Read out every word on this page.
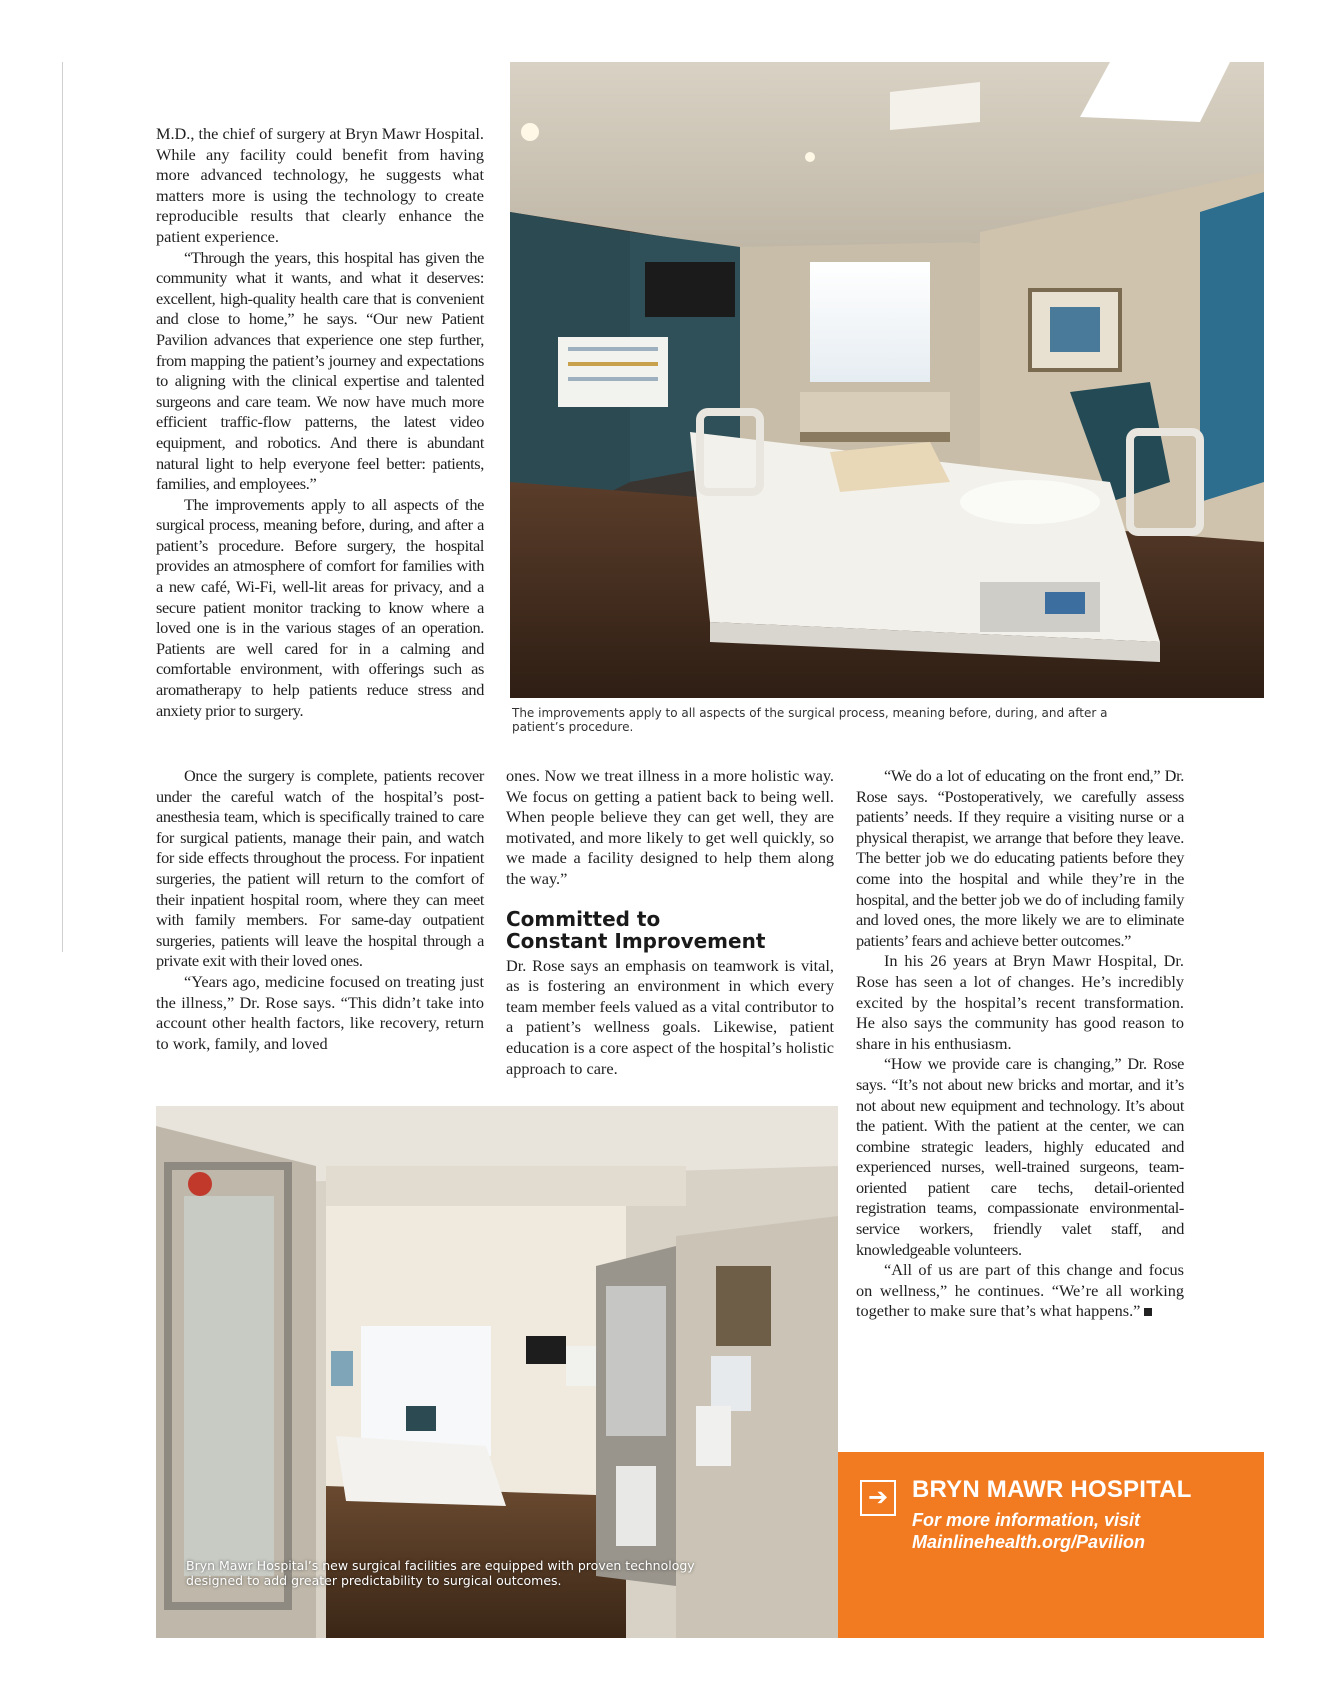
M.D., the chief of surgery at Bryn Mawr Hospital. While any facility could benefit from having more advanced technology, he suggests what matters more is using the technology to create reproducible results that clearly enhance the patient experience.

“Through the years, this hospital has given the community what it wants, and what it deserves: excellent, high-quality health care that is convenient and close to home,” he says. “Our new Patient Pavilion advances that experience one step further, from mapping the patient’s journey and expectations to aligning with the clinical expertise and talented surgeons and care team. We now have much more efficient traffic-flow patterns, the latest video equipment, and robotics. And there is abundant natural light to help everyone feel better: patients, families, and employees.”

The improvements apply to all aspects of the surgical process, meaning before, during, and after a patient’s procedure. Before surgery, the hospital provides an atmosphere of comfort for families with a new café, Wi-Fi, well-lit areas for privacy, and a secure patient monitor tracking to know where a loved one is in the various stages of an operation. Patients are well cared for in a calming and comfortable environment, with offerings such as aromatherapy to help patients reduce stress and anxiety prior to surgery.

Once the surgery is complete, patients recover under the careful watch of the hospital’s post-anesthesia team, which is specifically trained to care for surgical patients, manage their pain, and watch for side effects throughout the process. For inpatient surgeries, the patient will return to the comfort of their inpatient hospital room, where they can meet with family members. For same-day outpatient surgeries, patients will leave the hospital through a private exit with their loved ones.

“Years ago, medicine focused on treating just the illness,” Dr. Rose says. “This didn’t take into account other health factors, like recovery, return to work, family, and loved

ones. Now we treat illness in a more holistic way. We focus on getting a patient back to being well. When people believe they can get well, they are motivated, and more likely to get well quickly, so we made a facility designed to help them along the way.”

Committed to
Constant Improvement

Dr. Rose says an emphasis on teamwork is vital, as is fostering an environment in which every team member feels valued as a vital contributor to a patient’s wellness goals. Likewise, patient education is a core aspect of the hospital’s holistic approach to care.

“We do a lot of educating on the front end,” Dr. Rose says. “Postoperatively, we carefully assess patients’ needs. If they require a visiting nurse or a physical therapist, we arrange that before they leave. The better job we do educating patients before they come into the hospital and while they’re in the hospital, and the better job we do of including family and loved ones, the more likely we are to eliminate patients’ fears and achieve better outcomes.”

In his 26 years at Bryn Mawr Hospital, Dr. Rose has seen a lot of changes. He’s incredibly excited by the hospital’s recent transformation. He also says the community has good reason to share in his enthusiasm.

“How we provide care is changing,” Dr. Rose says. “It’s not about new bricks and mortar, and it’s not about new equipment and technology. It’s about the patient. With the patient at the center, we can combine strategic leaders, highly educated and experienced nurses, well-trained surgeons, team-oriented patient care techs, detail-oriented registration teams, compassionate environmental-service workers, friendly valet staff, and knowledgeable volunteers.

“All of us are part of this change and focus on wellness,” he continues. “We’re all working together to make sure that’s what happens.”

The improvements apply to all aspects of the surgical process, meaning before, during, and after a patient’s procedure.
Bryn Mawr Hospital’s new surgical facilities are equipped with proven technology designed to add greater predictability to surgical outcomes.
➔ BRYN MAWR HOSPITAL
For more information, visit
Mainlinehealth.org/Pavilion
